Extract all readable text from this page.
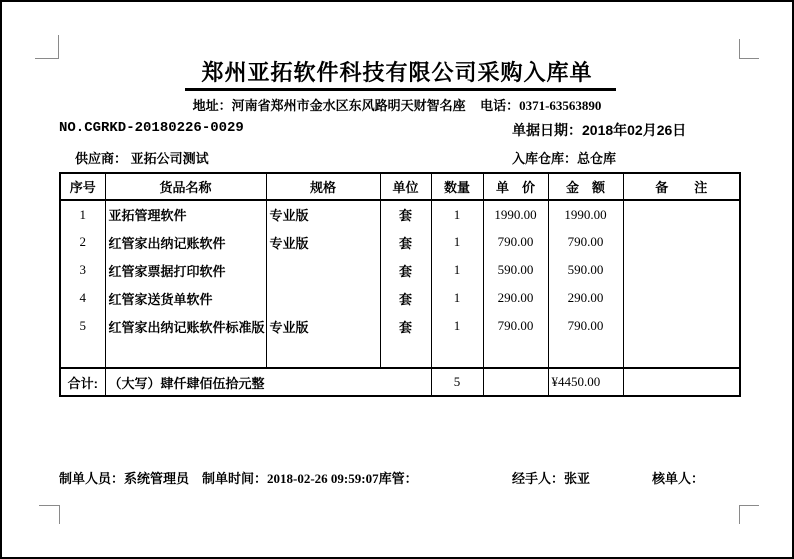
郑州亚拓软件科技有限公司采购入库单
地址：河南省郑州市金水区东风路明天财智名座 电话：0371-63563890
NO.CGRKD-20180226-0029	单据日期：2018年02月26日
供应商： 亚拓公司测试	入库仓库：总仓库
序号	货品名称	规格	单位	数量	单　价	金　额	备　　注
1	亚拓管理软件	专业版	套	1	1990.00	1990.00	
2	红管家出纳记账软件	专业版	套	1	790.00	790.00	
3	红管家票据打印软件		套	1	590.00	590.00	
4	红管家送货单软件		套	1	290.00	290.00	
5	红管家出纳记账软件标准版	专业版	套	1	790.00	790.00	

合计:	（大写）肆仟肆佰伍拾元整			5		¥4450.00	
制单人员：系统管理员 制单时间：2018-02-26 09:59:07库管：	经手人：张亚	核单人：
